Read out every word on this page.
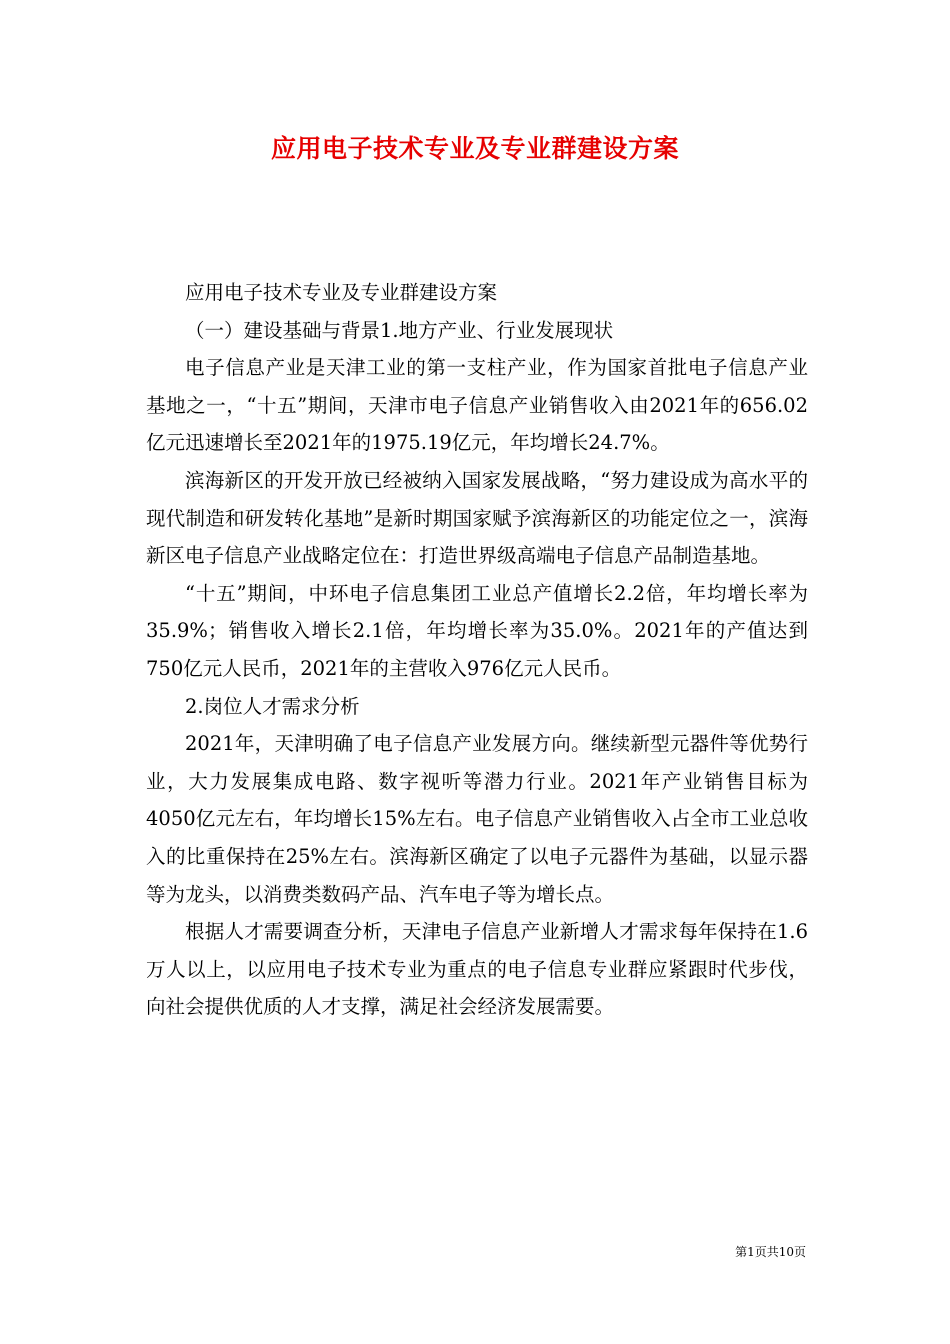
应用电子技术专业及专业群建设方案

应用电子技术专业及专业群建设方案

（一）建设基础与背景1.地方产业、行业发展现状

电子信息产业是天津工业的第一支柱产业，作为国家首批电子信息产业基地之一，“十五”期间，天津市电子信息产业销售收入由2021年的656.02亿元迅速增长至2021年的1975.19亿元，年均增长24.7%。

滨海新区的开发开放已经被纳入国家发展战略，“努力建设成为高水平的现代制造和研发转化基地”是新时期国家赋予滨海新区的功能定位之一，滨海新区电子信息产业战略定位在：打造世界级高端电子信息产品制造基地。

“十五”期间，中环电子信息集团工业总产值增长2.2倍，年均增长率为35.9%；销售收入增长2.1倍，年均增长率为35.0%。2021年的产值达到750亿元人民币，2021年的主营收入976亿元人民币。

2.岗位人才需求分析

2021年，天津明确了电子信息产业发展方向。继续新型元器件等优势行业，大力发展集成电路、数字视听等潜力行业。2021年产业销售目标为4050亿元左右，年均增长15%左右。电子信息产业销售收入占全市工业总收入的比重保持在25%左右。滨海新区确定了以电子元器件为基础，以显示器等为龙头，以消费类数码产品、汽车电子等为增长点。

根据人才需要调查分析，天津电子信息产业新增人才需求每年保持在1.6万人以上，以应用电子技术专业为重点的电子信息专业群应紧跟时代步伐，向社会提供优质的人才支撑，满足社会经济发展需要。

第1页共10页
